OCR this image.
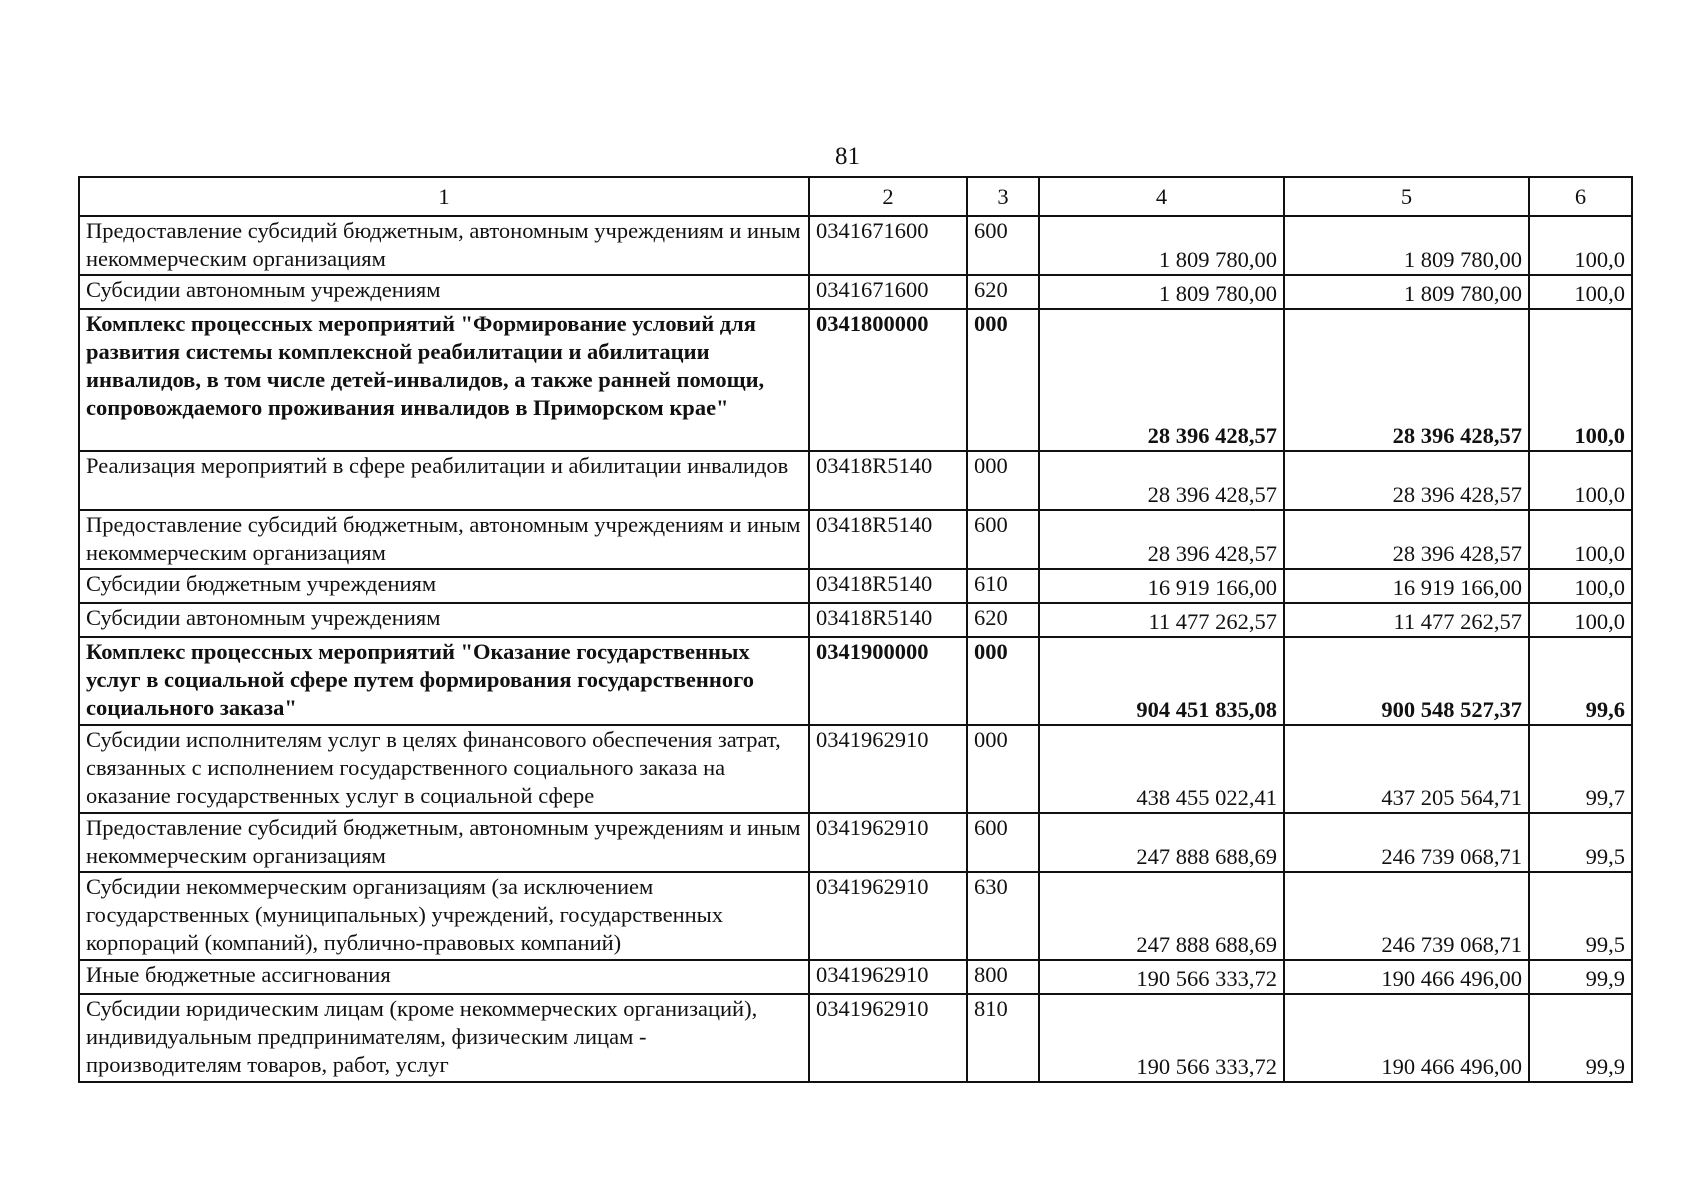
81
1	2	3	4	5	6
Предоставление субсидий бюджетным, автономным учреждениям и иным некоммерческим организациям	0341671600	600	1 809 780,00	1 809 780,00	100,0
Субсидии автономным учреждениям	0341671600	620	1 809 780,00	1 809 780,00	100,0
Комплекс процессных мероприятий "Формирование условий для развития системы комплексной реабилитации и абилитации инвалидов, в том числе детей-инвалидов, а также ранней помощи, сопровождаемого проживания инвалидов в Приморском крае"	0341800000	000	28 396 428,57	28 396 428,57	100,0
Реализация мероприятий в сфере реабилитации и абилитации инвалидов	03418R5140	000	28 396 428,57	28 396 428,57	100,0
Предоставление субсидий бюджетным, автономным учреждениям и иным некоммерческим организациям	03418R5140	600	28 396 428,57	28 396 428,57	100,0
Субсидии бюджетным учреждениям	03418R5140	610	16 919 166,00	16 919 166,00	100,0
Субсидии автономным учреждениям	03418R5140	620	11 477 262,57	11 477 262,57	100,0
Комплекс процессных мероприятий "Оказание государственных услуг в социальной сфере путем формирования государственного социального заказа"	0341900000	000	904 451 835,08	900 548 527,37	99,6
Субсидии исполнителям услуг в целях финансового обеспечения затрат, связанных с исполнением государственного социального заказа на оказание государственных услуг в социальной сфере	0341962910	000	438 455 022,41	437 205 564,71	99,7
Предоставление субсидий бюджетным, автономным учреждениям и иным некоммерческим организациям	0341962910	600	247 888 688,69	246 739 068,71	99,5
Субсидии некоммерческим организациям (за исключением государственных (муниципальных) учреждений, государственных корпораций (компаний), публично-правовых компаний)	0341962910	630	247 888 688,69	246 739 068,71	99,5
Иные бюджетные ассигнования	0341962910	800	190 566 333,72	190 466 496,00	99,9
Субсидии юридическим лицам (кроме некоммерческих организаций), индивидуальным предпринимателям, физическим лицам - производителям товаров, работ, услуг	0341962910	810	190 566 333,72	190 466 496,00	99,9
